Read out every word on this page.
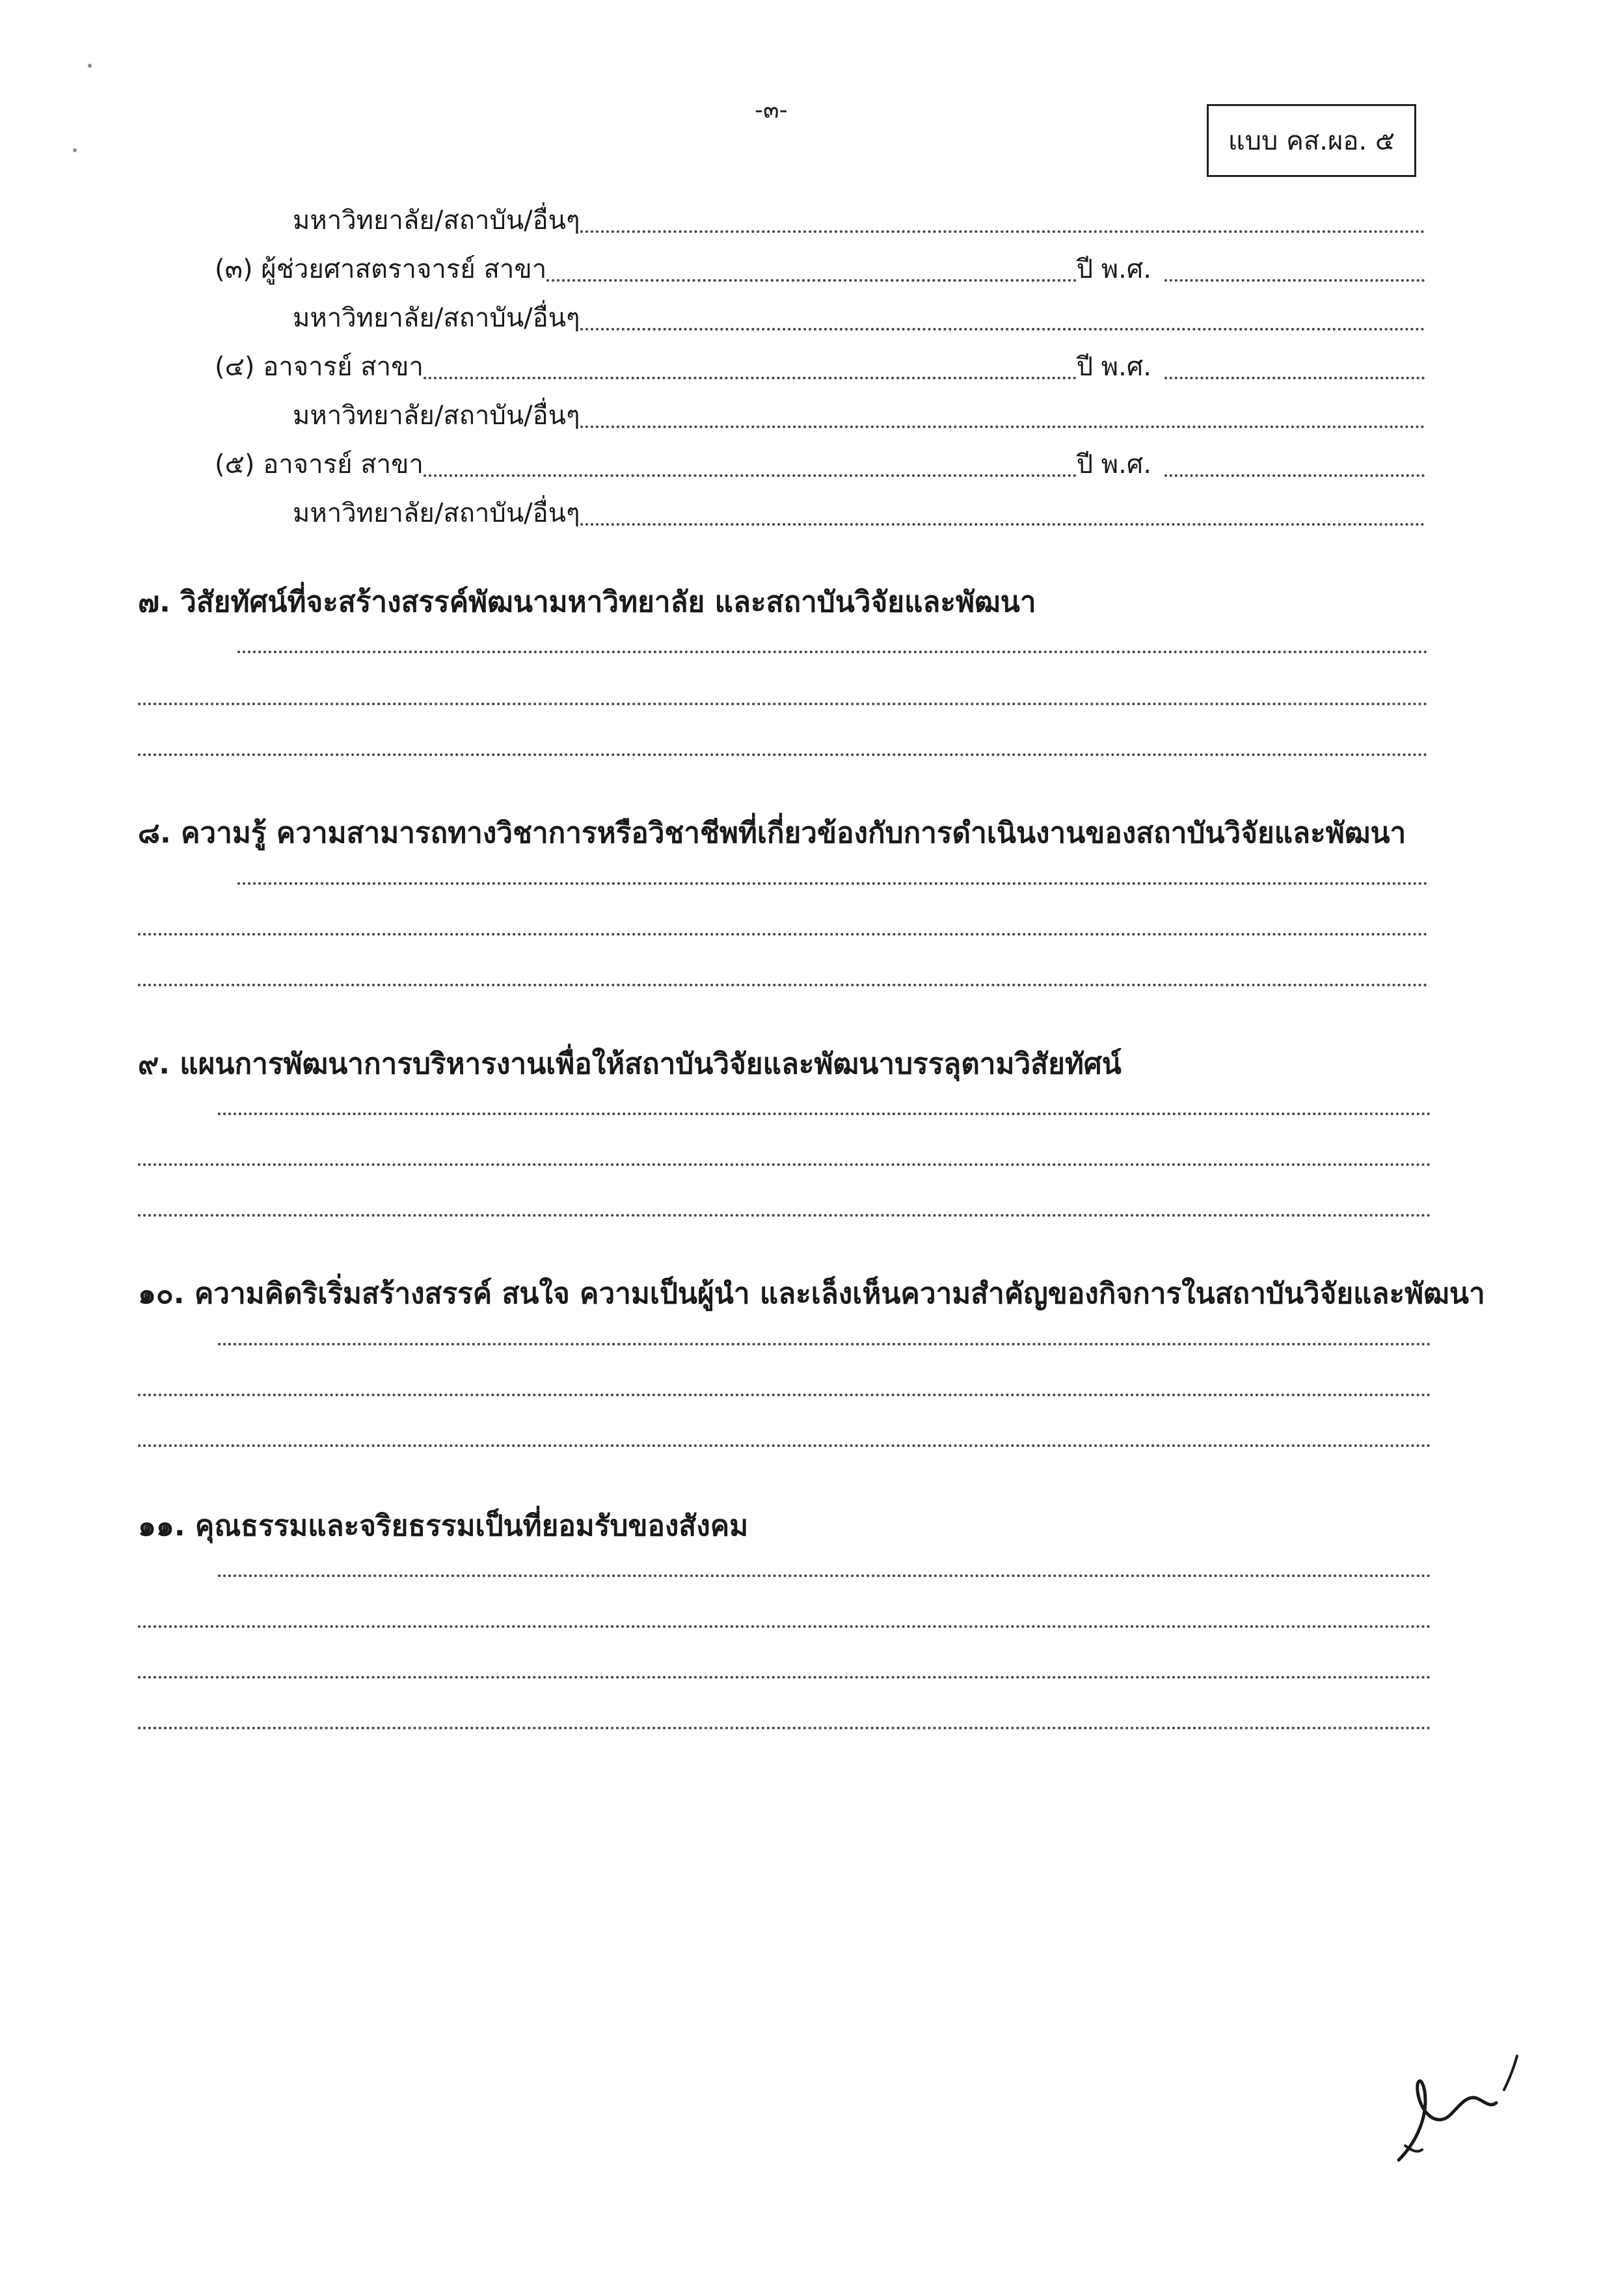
-๓-
แบบ คส.ผอ. ๕
มหาวิทยาลัย/สถาบัน/อื่นๆ
(๓) ผู้ช่วยศาสตราจารย์ สาขา	ปี พ.ศ.
มหาวิทยาลัย/สถาบัน/อื่นๆ
(๔) อาจารย์ สาขา	ปี พ.ศ.
มหาวิทยาลัย/สถาบัน/อื่นๆ
(๕) อาจารย์ สาขา	ปี พ.ศ.
มหาวิทยาลัย/สถาบัน/อื่นๆ
๗. วิสัยทัศน์ที่จะสร้างสรรค์พัฒนามหาวิทยาลัย และสถาบันวิจัยและพัฒนา
๘. ความรู้ ความสามารถทางวิชาการหรือวิชาชีพที่เกี่ยวข้องกับการดำเนินงานของสถาบันวิจัยและพัฒนา
๙. แผนการพัฒนาการบริหารงานเพื่อให้สถาบันวิจัยและพัฒนาบรรลุตามวิสัยทัศน์
๑๐. ความคิดริเริ่มสร้างสรรค์ สนใจ ความเป็นผู้นำ และเล็งเห็นความสำคัญของกิจการในสถาบันวิจัยและพัฒนา
๑๑. คุณธรรมและจริยธรรมเป็นที่ยอมรับของสังคม
